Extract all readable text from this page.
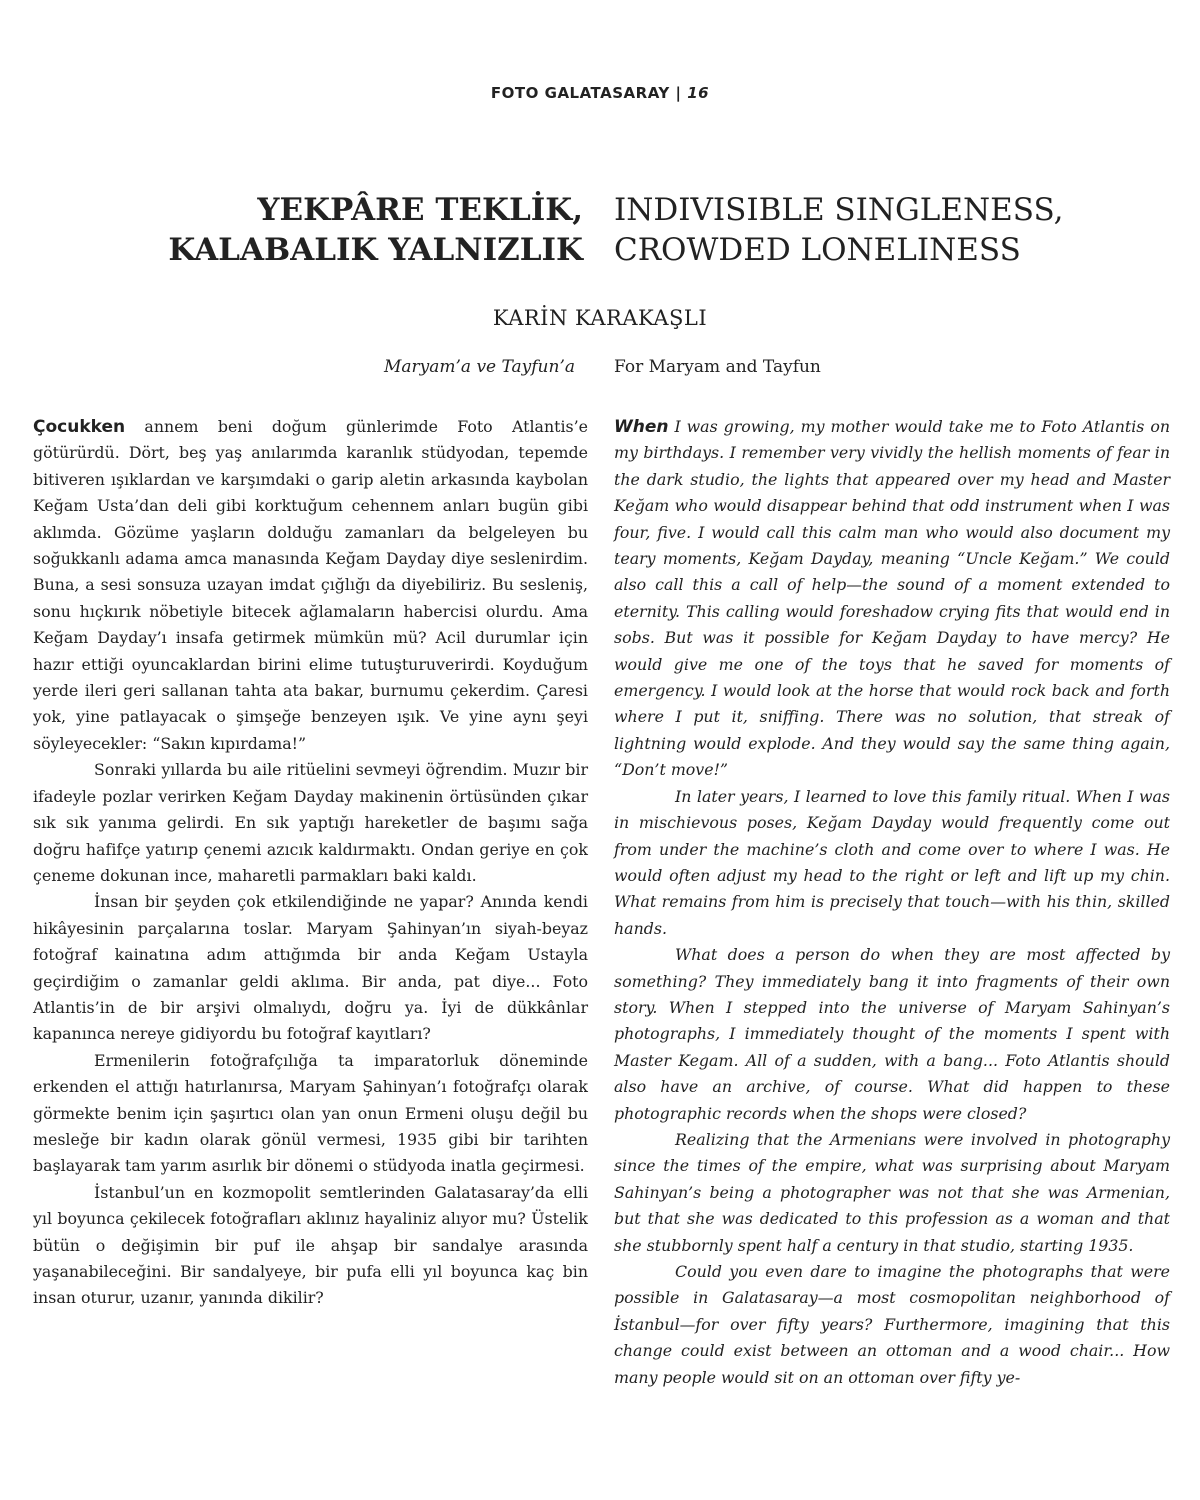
FOTO GALATASARAY | 16
YEKPÂRE TEKLİK,
KALABALIK YALNIZLIK
INDIVISIBLE SINGLENESS,
CROWDED LONELINESS
KARİN KARAKAŞLI
Maryam’a ve Tayfun’a For Maryam and Tayfun

Çocukken annem beni doğum günlerimde Foto Atlantis’e götürürdü. Dört, beş yaş anılarımda karanlık stüdyodan, tepemde bitiveren ışıklardan ve karşımdaki o garip aletin arkasında kaybolan Keğam Usta’dan deli gibi korktuğum cehennem anları bugün gibi aklımda. Gözüme yaşların dolduğu zamanları da belgeleyen bu soğukkanlı adama amca manasında Keğam Dayday diye seslenirdim. Buna, a sesi sonsuza uzayan imdat çığlığı da diyebiliriz. Bu sesleniş, sonu hıçkırık nöbetiyle bitecek ağlamaların habercisi olurdu. Ama Keğam Dayday’ı insafa getirmek mümkün mü? Acil durumlar için hazır ettiği oyuncaklardan birini elime tutuşturuverirdi. Koyduğum yerde ileri geri sallanan tahta ata bakar, burnumu çekerdim. Çaresi yok, yine patlayacak o şimşeğe benzeyen ışık. Ve yine aynı şeyi söyleyecekler: “Sakın kıpırdama!”

Sonraki yıllarda bu aile ritüelini sevmeyi öğrendim. Muzır bir ifadeyle pozlar verirken Keğam Dayday makinenin örtüsünden çıkar sık sık yanıma gelirdi. En sık yaptığı hareketler de başımı sağa doğru hafifçe yatırıp çenemi azıcık kaldırmaktı. Ondan geriye en çok çeneme dokunan ince, maharetli parmakları baki kaldı.

İnsan bir şeyden çok etkilendiğinde ne yapar? Anında kendi hikâyesinin parçalarına toslar. Maryam Şahinyan’ın siyah-beyaz fotoğraf kainatına adım attığımda bir anda Keğam Ustayla geçirdiğim o zamanlar geldi aklıma. Bir anda, pat diye... Foto Atlantis’in de bir arşivi olmalıydı, doğru ya. İyi de dükkânlar kapanınca nereye gidiyordu bu fotoğraf kayıtları?

Ermenilerin fotoğrafçılığa ta imparatorluk döneminde erkenden el attığı hatırlanırsa, Maryam Şahinyan’ı fotoğrafçı olarak görmekte benim için şaşırtıcı olan yan onun Ermeni oluşu değil bu mesleğe bir kadın olarak gönül vermesi, 1935 gibi bir tarihten başlayarak tam yarım asırlık bir dönemi o stüdyoda inatla geçirmesi.

İstanbul’un en kozmopolit semtlerinden Galatasaray’da elli yıl boyunca çekilecek fotoğrafları aklınız hayaliniz alıyor mu? Üstelik bütün o değişimin bir puf ile ahşap bir sandalye arasında yaşanabileceğini. Bir sandalyeye, bir pufa elli yıl boyunca kaç bin insan oturur, uzanır, yanında dikilir?

When I was growing, my mother would take me to Foto Atlantis on my birthdays. I remember very vividly the hellish moments of fear in the dark studio, the lights that appeared over my head and Master Keğam who would disappear behind that odd instrument when I was four, five. I would call this calm man who would also document my teary moments, Keğam Dayday, meaning “Uncle Keğam.” We could also call this a call of help—the sound of a moment extended to eternity. This calling would foreshadow crying fits that would end in sobs. But was it possible for Keğam Dayday to have mercy? He would give me one of the toys that he saved for moments of emergency. I would look at the horse that would rock back and forth where I put it, sniffing. There was no solution, that streak of lightning would explode. And they would say the same thing again, “Don’t move!”

In later years, I learned to love this family ritual. When I was in mischievous poses, Keğam Dayday would frequently come out from under the machine’s cloth and come over to where I was. He would often adjust my head to the right or left and lift up my chin. What remains from him is precisely that touch—with his thin, skilled hands.

What does a person do when they are most affected by something? They immediately bang it into fragments of their own story. When I stepped into the universe of Maryam Sahinyan’s photographs, I immediately thought of the moments I spent with Master Kegam. All of a sudden, with a bang... Foto Atlantis should also have an archive, of course. What did happen to these photographic records when the shops were closed?

Realizing that the Armenians were involved in photography since the times of the empire, what was surprising about Maryam Sahinyan’s being a photographer was not that she was Armenian, but that she was dedicated to this profession as a woman and that she stubbornly spent half a century in that studio, starting 1935.

Could you even dare to imagine the photographs that were possible in Galatasaray—a most cosmopolitan neighborhood of İstanbul—for over fifty years? Furthermore, imagining that this change could exist between an ottoman and a wood chair... How many people would sit on an ottoman over fifty ye-
